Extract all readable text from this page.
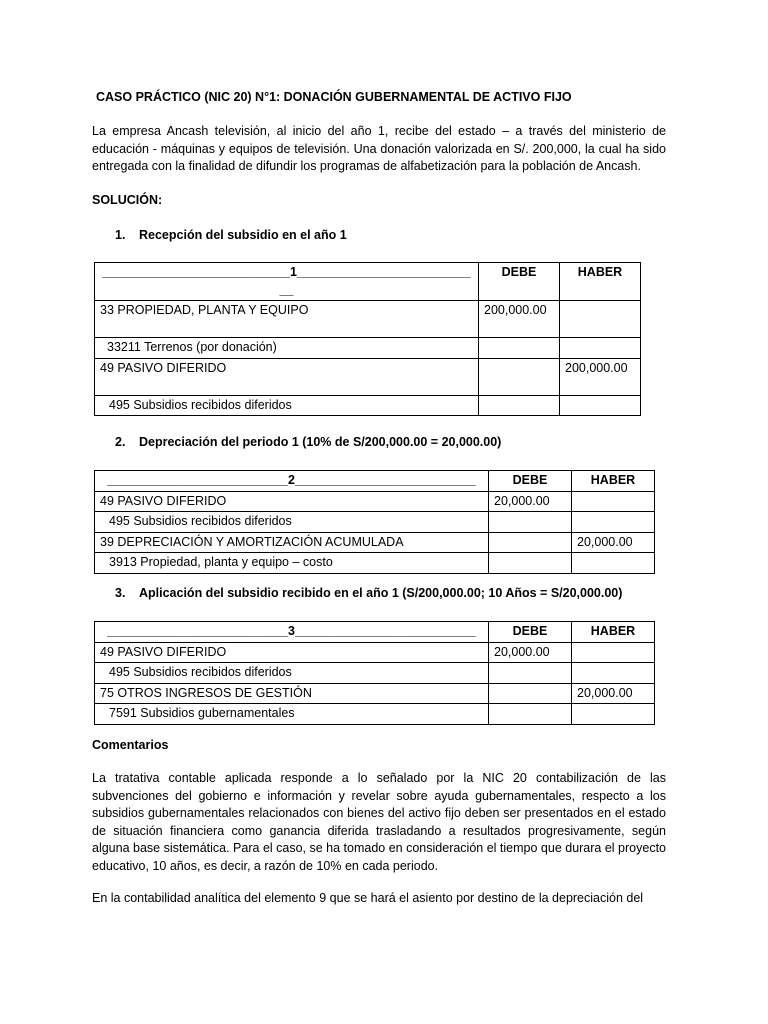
CASO PRÁCTICO (NIC 20) N°1: DONACIÓN GUBERNAMENTAL DE ACTIVO FIJO
La empresa Ancash televisión, al inicio del año 1, recibe del estado – a través del ministerio de educación - máquinas y equipos de televisión. Una donación valorizada en S/. 200,000, la cual ha sido entregada con la finalidad de difundir los programas de alfabetización para la población de Ancash.
SOLUCIÓN:
1. Recepción del subsidio en el año 1
___________________________1___________________________	DEBE	HABER
33 PROPIEDAD, PLANTA Y EQUIPO	200,000.00	
33211 Terrenos (por donación)		
49 PASIVO DIFERIDO		200,000.00
495 Subsidios recibidos diferidos		
2. Depreciación del periodo 1 (10% de S/200,000.00 = 20,000.00)
__________________________2__________________________	DEBE	HABER
49 PASIVO DIFERIDO	20,000.00	
495 Subsidios recibidos diferidos		
39 DEPRECIACIÓN Y AMORTIZACIÓN ACUMULADA		20,000.00
3913 Propiedad, planta y equipo – costo		
3. Aplicación del subsidio recibido en el año 1 (S/200,000.00; 10 Años = S/20,000.00)
__________________________3__________________________	DEBE	HABER
49 PASIVO DIFERIDO	20,000.00	
495 Subsidios recibidos diferidos		
75 OTROS INGRESOS DE GESTIÓN		20,000.00
7591 Subsidios gubernamentales		
Comentarios
La tratativa contable aplicada responde a lo señalado por la NIC 20 contabilización de las subvenciones del gobierno e información y revelar sobre ayuda gubernamentales, respecto a los subsidios gubernamentales relacionados con bienes del activo fijo deben ser presentados en el estado de situación financiera como ganancia diferida trasladando a resultados progresivamente, según alguna base sistemática. Para el caso, se ha tomado en consideración el tiempo que durara el proyecto educativo, 10 años, es decir, a razón de 10% en cada periodo.
En la contabilidad analítica del elemento 9 que se hará el asiento por destino de la depreciación del
